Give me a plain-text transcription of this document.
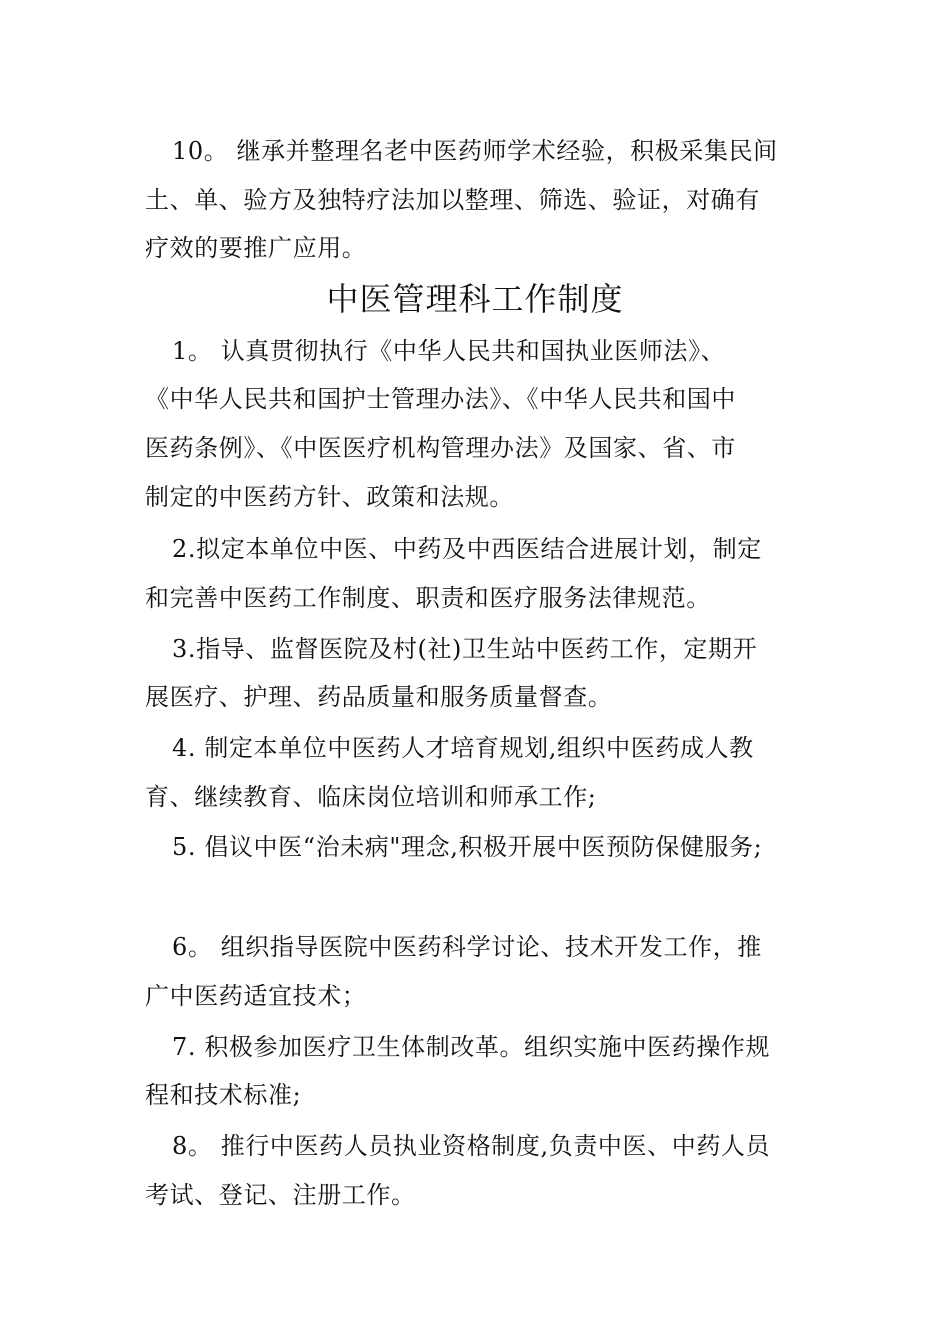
10。 继承并整理名老中医药师学术经验，积极采集民间
土、单、验方及独特疗法加以整理、筛选、验证，对确有
疗效的要推广应用。
中医管理科工作制度
1。 认真贯彻执行《中华人民共和国执业医师法》、
《中华人民共和国护士管理办法》、《中华人民共和国中
医药条例》、《中医医疗机构管理办法》及国家、省、市
制定的中医药方针、政策和法规。
2.拟定本单位中医、中药及中西医结合进展计划，制定
和完善中医药工作制度、职责和医疗服务法律规范。
3.指导、监督医院及村(社)卫生站中医药工作，定期开
展医疗、护理、药品质量和服务质量督查。
4. 制定本单位中医药人才培育规划,组织中医药成人教
育、继续教育、临床岗位培训和师承工作;
5. 倡议中医“治未病"理念,积极开展中医预防保健服务;
6。 组织指导医院中医药科学讨论、技术开发工作，推
广中医药适宜技术；
7. 积极参加医疗卫生体制改革。组织实施中医药操作规
程和技术标准;
8。 推行中医药人员执业资格制度,负责中医、中药人员
考试、登记、注册工作。
